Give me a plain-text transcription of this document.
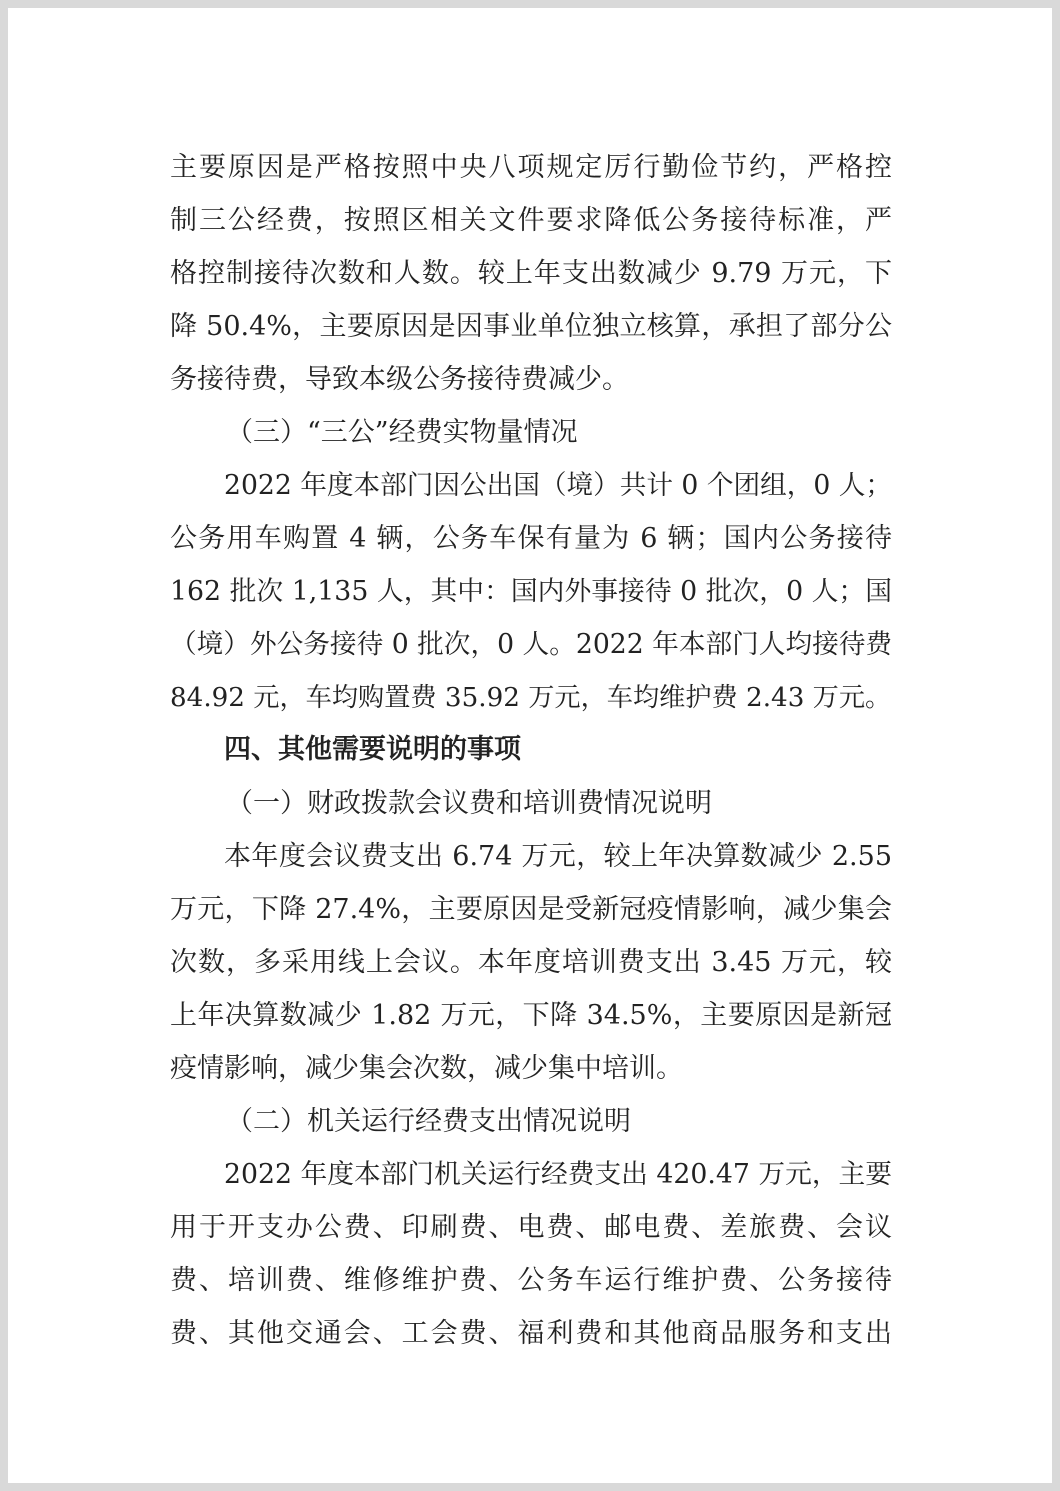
主要原因是严格按照中央八项规定厉行勤俭节约，严格控
制三公经费，按照区相关文件要求降低公务接待标准，严
格控制接待次数和人数。较上年支出数减少 9.79 万元，下
降 50.4%，主要原因是因事业单位独立核算，承担了部分公
务接待费，导致本级公务接待费减少。
（三）“三公”经费实物量情况
2022 年度本部门因公出国（境）共计 0 个团组，0 人；
公务用车购置 4 辆，公务车保有量为 6 辆；国内公务接待
162 批次 1,135 人，其中：国内外事接待 0 批次，0 人；国
（境）外公务接待 0 批次，0 人。2022 年本部门人均接待费
84.92 元，车均购置费 35.92 万元，车均维护费 2.43 万元。
四、其他需要说明的事项
（一）财政拨款会议费和培训费情况说明
本年度会议费支出 6.74 万元，较上年决算数减少 2.55
万元，下降 27.4%，主要原因是受新冠疫情影响，减少集会
次数，多采用线上会议。本年度培训费支出 3.45 万元，较
上年决算数减少 1.82 万元，下降 34.5%，主要原因是新冠
疫情影响，减少集会次数，减少集中培训。
（二）机关运行经费支出情况说明
2022 年度本部门机关运行经费支出 420.47 万元，主要
用于开支办公费、印刷费、电费、邮电费、差旅费、会议
费、培训费、维修维护费、公务车运行维护费、公务接待
费、其他交通会、工会费、福利费和其他商品服务和支出
